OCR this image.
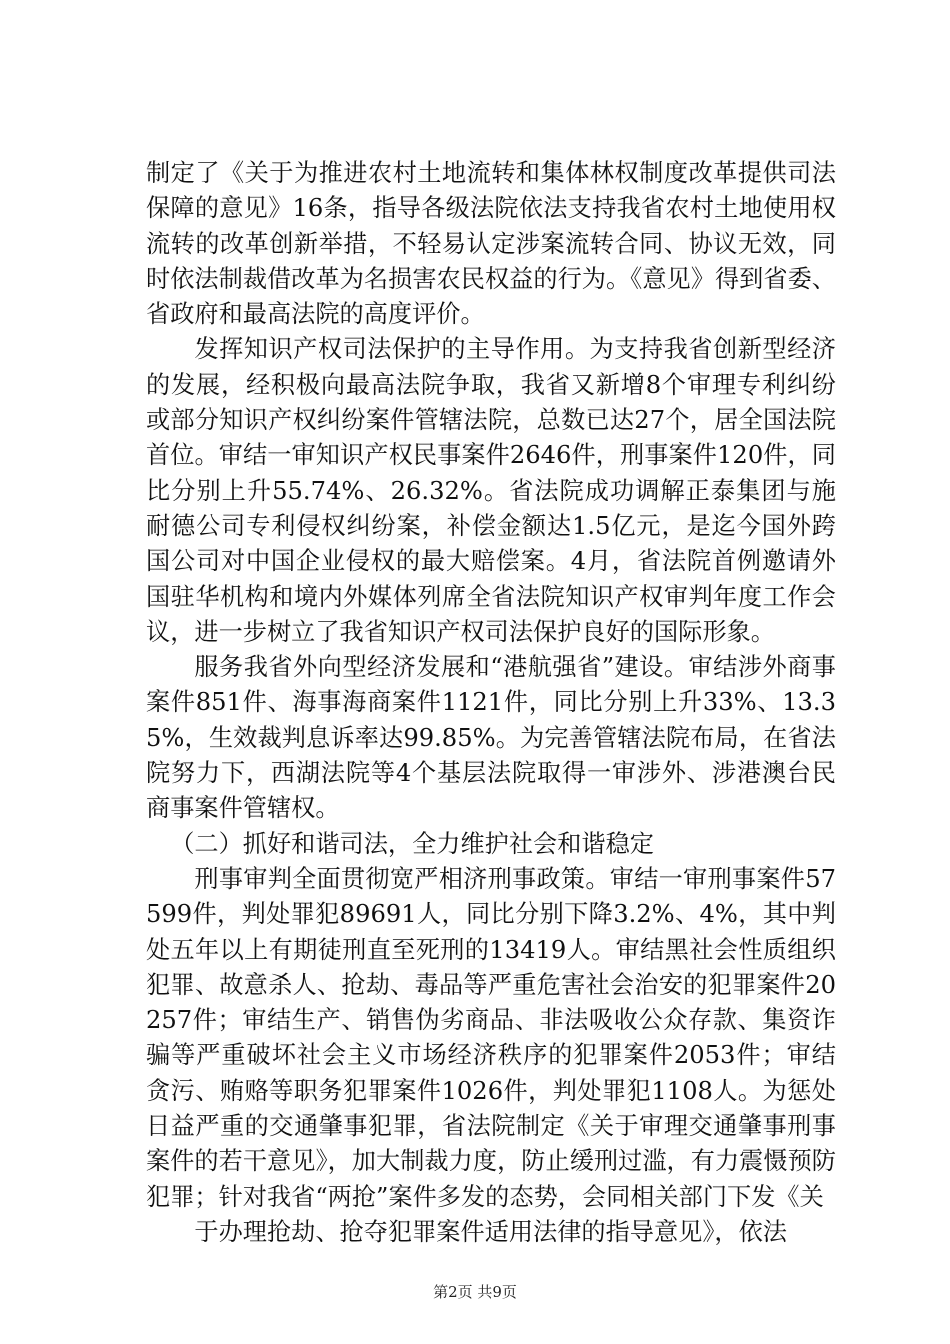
制定了《关于为推进农村土地流转和集体林权制度改革提供司法保障的意见》16条，指导各级法院依法支持我省农村土地使用权流转的改革创新举措，不轻易认定涉案流转合同、协议无效，同时依法制裁借改革为名损害农民权益的行为。《意见》得到省委、省政府和最高法院的高度评价。

发挥知识产权司法保护的主导作用。为支持我省创新型经济的发展，经积极向最高法院争取，我省又新增8个审理专利纠纷或部分知识产权纠纷案件管辖法院，总数已达27个，居全国法院首位。审结一审知识产权民事案件2646件，刑事案件120件，同比分别上升55.74%、26.32%。省法院成功调解正泰集团与施耐德公司专利侵权纠纷案，补偿金额达1.5亿元，是迄今国外跨国公司对中国企业侵权的最大赔偿案。4月，省法院首例邀请外国驻华机构和境内外媒体列席全省法院知识产权审判年度工作会议，进一步树立了我省知识产权司法保护良好的国际形象。

服务我省外向型经济发展和“港航强省”建设。审结涉外商事案件851件、海事海商案件1121件，同比分别上升33%、13.35%，生效裁判息诉率达99.85%。为完善管辖法院布局，在省法院努力下，西湖法院等4个基层法院取得一审涉外、涉港澳台民商事案件管辖权。

（二）抓好和谐司法，全力维护社会和谐稳定

刑事审判全面贯彻宽严相济刑事政策。审结一审刑事案件57599件，判处罪犯89691人，同比分别下降3.2%、4%，其中判处五年以上有期徒刑直至死刑的13419人。审结黑社会性质组织犯罪、故意杀人、抢劫、毒品等严重危害社会治安的犯罪案件20257件；审结生产、销售伪劣商品、非法吸收公众存款、集资诈骗等严重破坏社会主义市场经济秩序的犯罪案件2053件；审结贪污、贿赂等职务犯罪案件1026件，判处罪犯1108人。为惩处日益严重的交通肇事犯罪，省法院制定《关于审理交通肇事刑事案件的若干意见》，加大制裁力度，防止缓刑过滥，有力震慑预防犯罪；针对我省“两抢”案件多发的态势，会同相关部门下发《关

于办理抢劫、抢夺犯罪案件适用法律的指导意见》，依法

第2页 共9页
